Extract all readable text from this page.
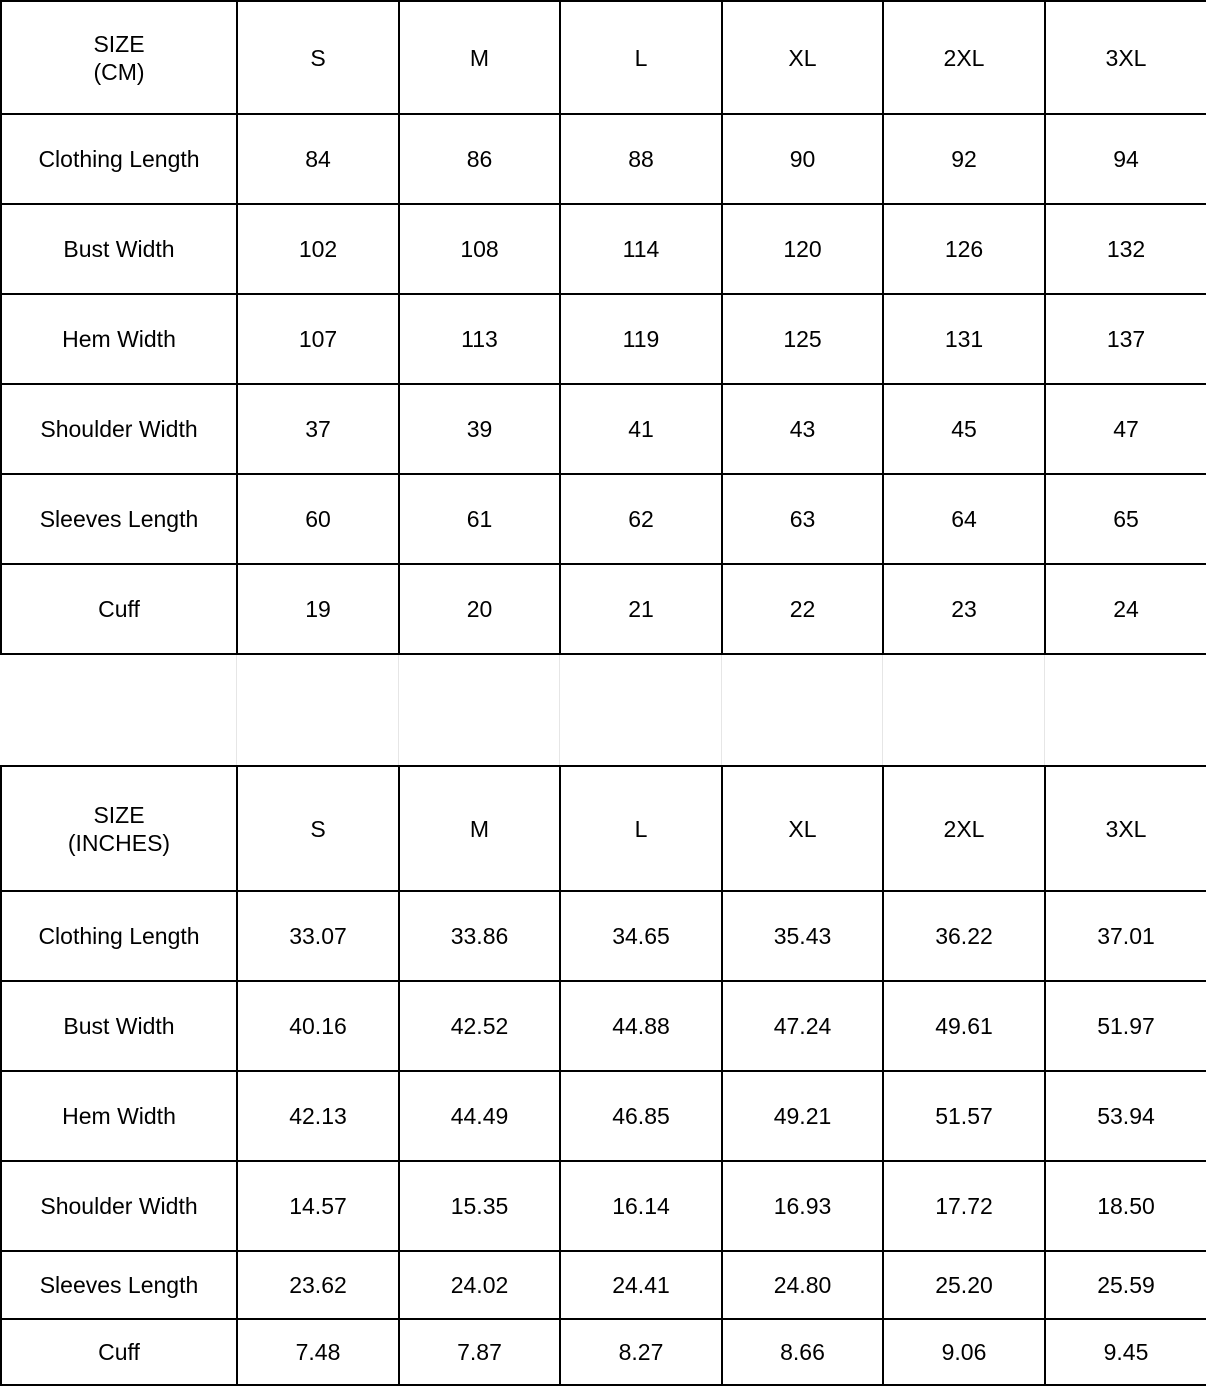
SIZE
(CM)	S	M	L	XL	2XL	3XL
Clothing Length	84	86	88	90	92	94
Bust Width	102	108	114	120	126	132
Hem Width	107	113	119	125	131	137
Shoulder Width	37	39	41	43	45	47
Sleeves Length	60	61	62	63	64	65
Cuff	19	20	21	22	23	24
SIZE
(INCHES)	S	M	L	XL	2XL	3XL
Clothing Length	33.07	33.86	34.65	35.43	36.22	37.01
Bust Width	40.16	42.52	44.88	47.24	49.61	51.97
Hem Width	42.13	44.49	46.85	49.21	51.57	53.94
Shoulder Width	14.57	15.35	16.14	16.93	17.72	18.50
Sleeves Length	23.62	24.02	24.41	24.80	25.20	25.59
Cuff	7.48	7.87	8.27	8.66	9.06	9.45
